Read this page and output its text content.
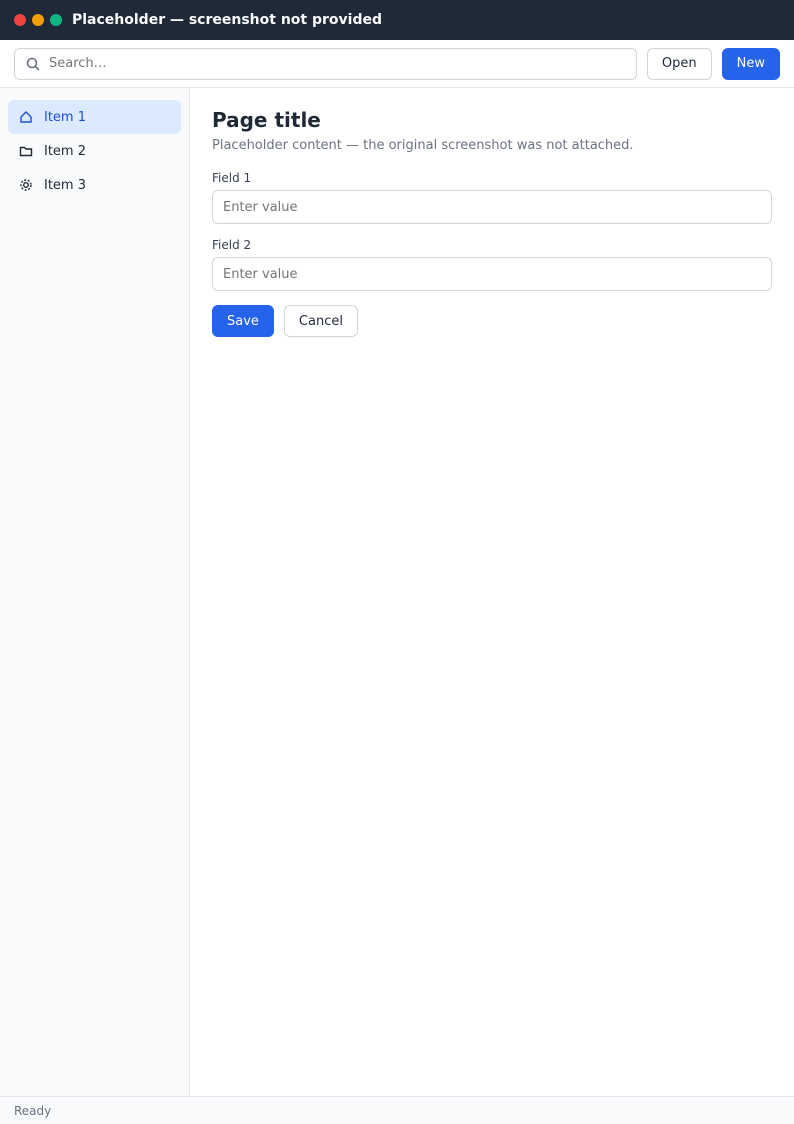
Placeholder — screenshot not provided
Search…
Open	New
Item 1
Item 2
Item 3
Page title

Placeholder content — the original screenshot was not attached.

Field 1
Enter value
Field 2
Enter value
Save	Cancel
Ready
